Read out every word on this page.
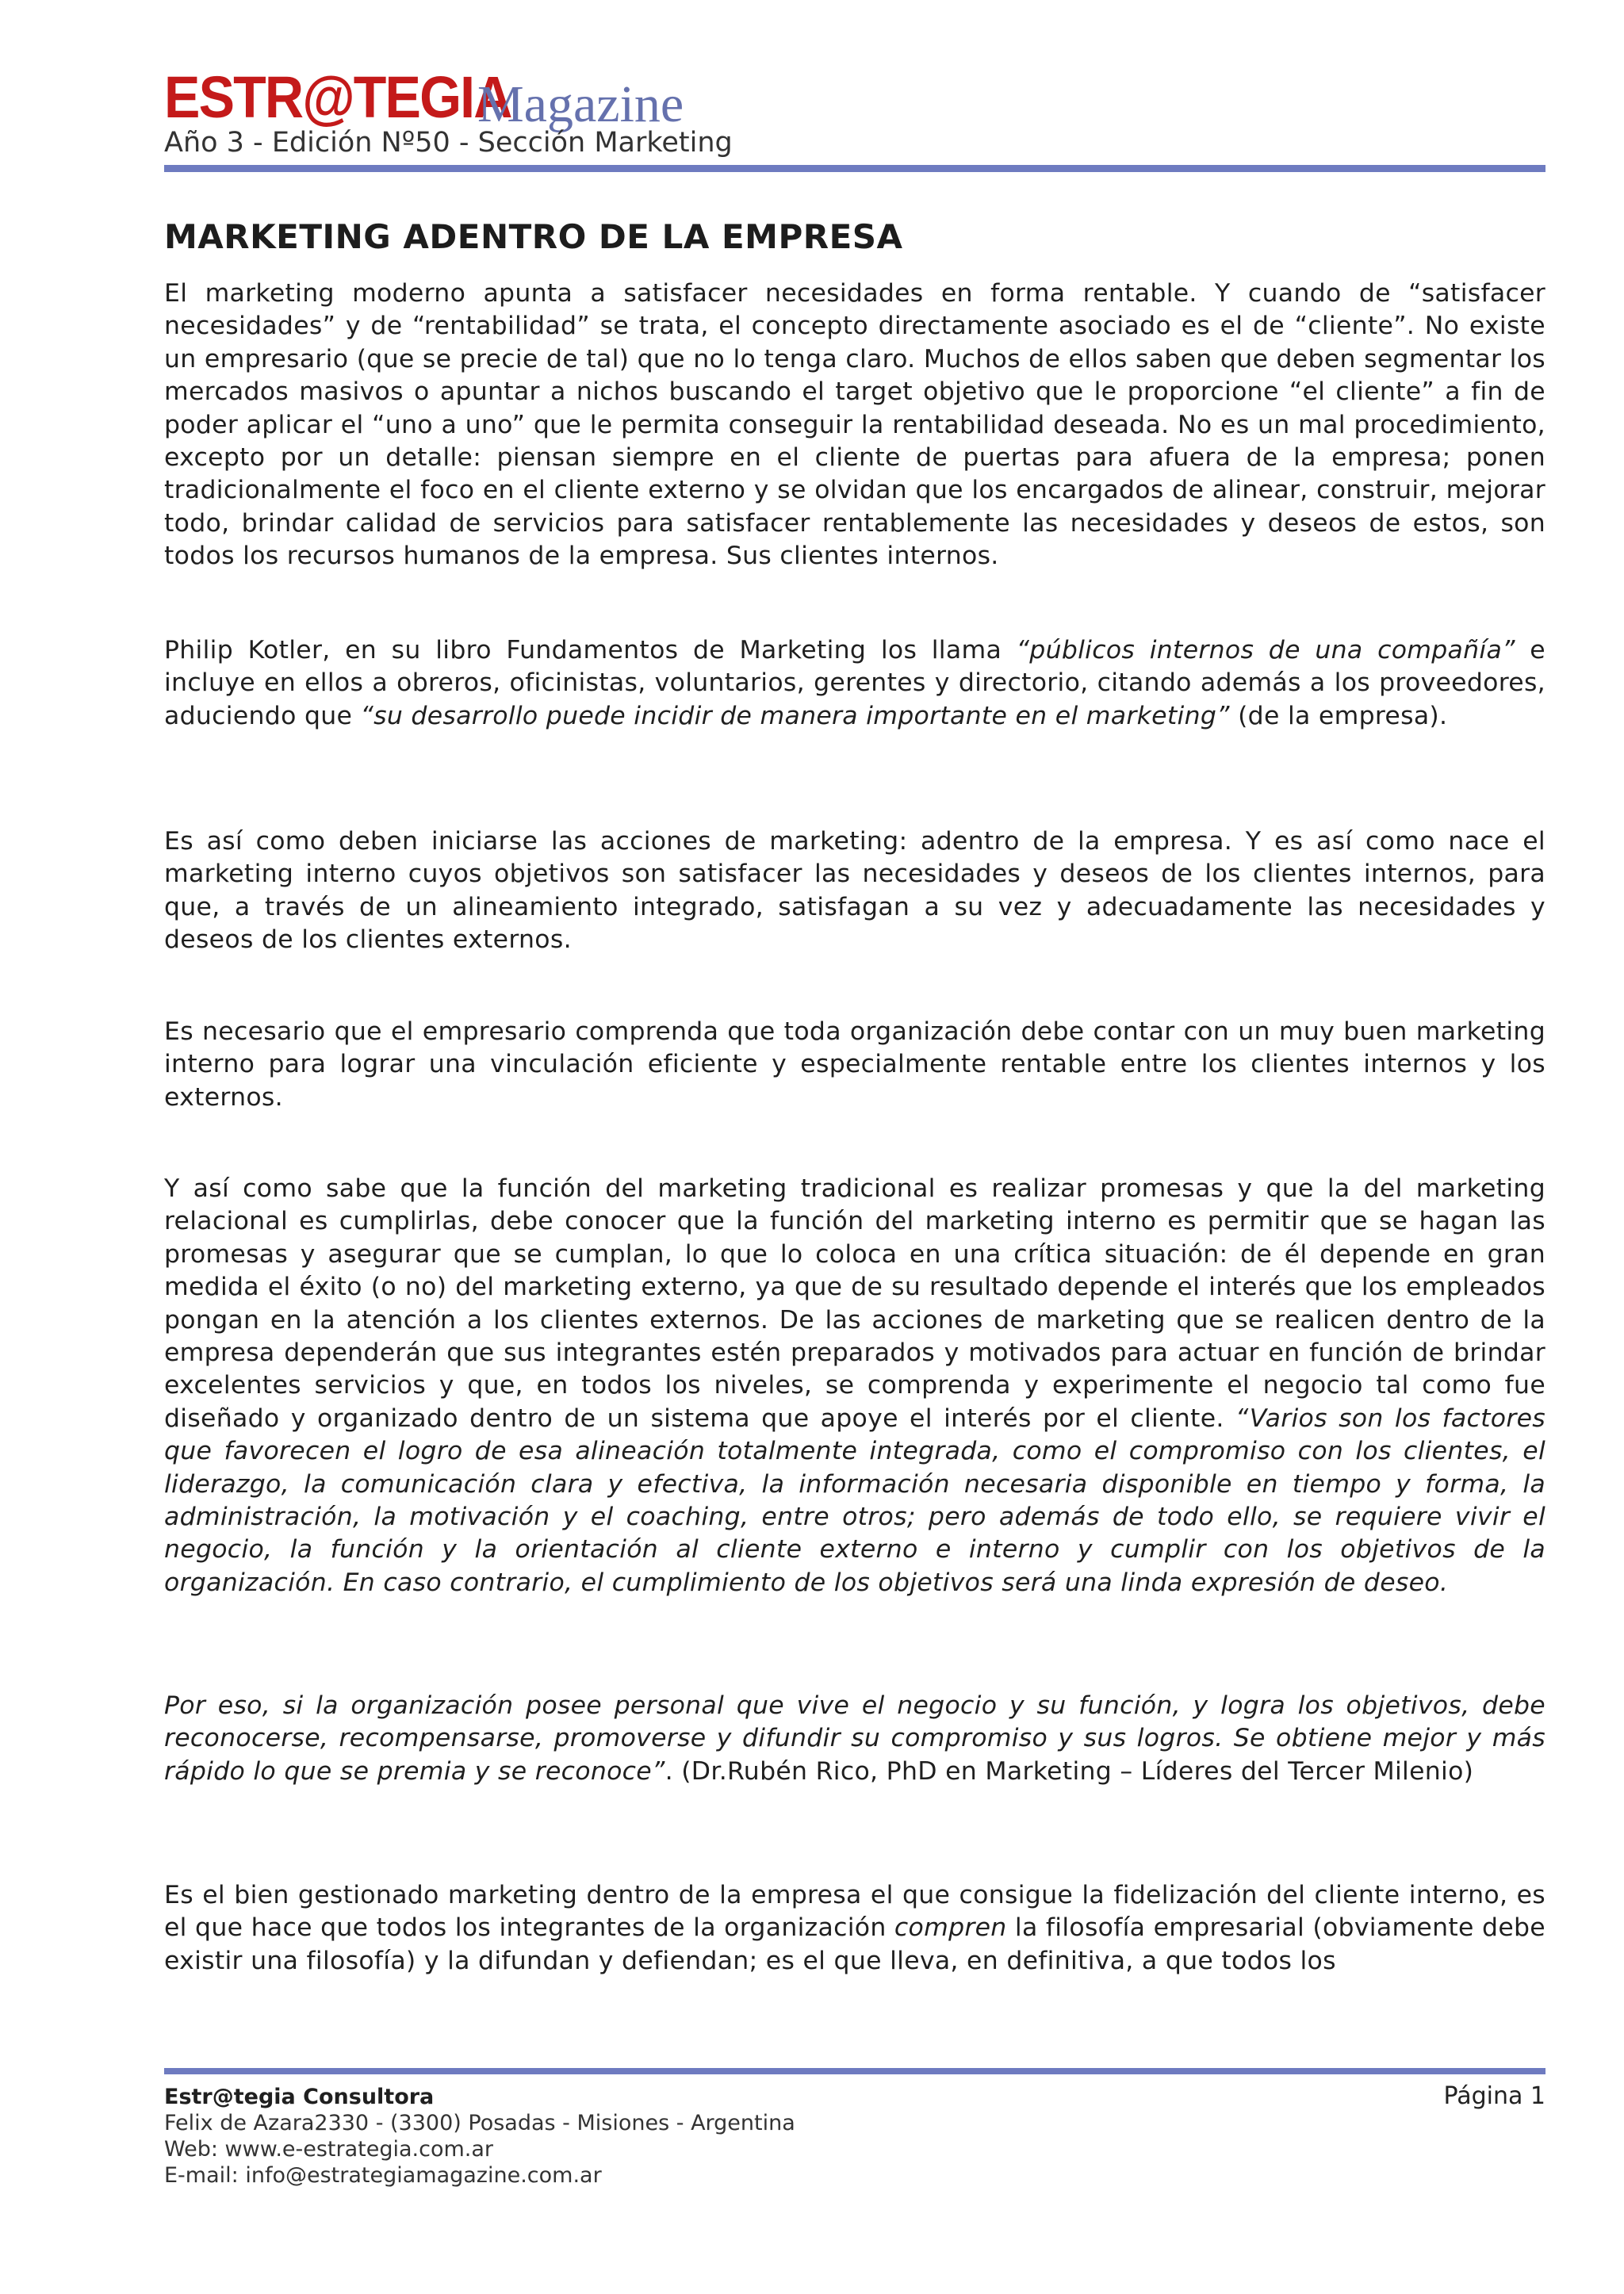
ESTR@TEGIA
Magazine
Año 3 - Edición Nº50 - Sección Marketing
MARKETING ADENTRO DE LA EMPRESA

El marketing moderno apunta a satisfacer necesidades en forma rentable. Y cuando de “satisfacer necesidades” y de “rentabilidad” se trata, el concepto directamente asociado es el de “cliente”. No existe un empresario (que se precie de tal) que no lo tenga claro. Muchos de ellos saben que deben segmentar los mercados masivos o apuntar a nichos buscando el target objetivo que le proporcione “el cliente” a fin de poder aplicar el “uno a uno” que le permita conseguir la rentabilidad deseada. No es un mal procedimiento, excepto por un detalle: piensan siempre en el cliente de puertas para afuera de la empresa; ponen tradicionalmente el foco en el cliente externo y se olvidan que los encargados de alinear, construir, mejorar todo, brindar calidad de servicios para satisfacer rentablemente las necesidades y deseos de estos, son todos los recursos humanos de la empresa. Sus clientes internos.

Philip Kotler, en su libro Fundamentos de Marketing los llama “públicos internos de una compañía” e incluye en ellos a obreros, oficinistas, voluntarios, gerentes y directorio, citando además a los proveedores, aduciendo que “su desarrollo puede incidir de manera importante en el marketing” (de la empresa).

Es así como deben iniciarse las acciones de marketing: adentro de la empresa. Y es así como nace el marketing interno cuyos objetivos son satisfacer las necesidades y deseos de los clientes internos, para que, a través de un alineamiento integrado, satisfagan a su vez y adecuadamente las necesidades y deseos de los clientes externos.

Es necesario que el empresario comprenda que toda organización debe contar con un muy buen marketing interno para lograr una vinculación eficiente y especialmente rentable entre los clientes internos y los externos.

Y así como sabe que la función del marketing tradicional es realizar promesas y que la del marketing relacional es cumplirlas, debe conocer que la función del marketing interno es permitir que se hagan las promesas y asegurar que se cumplan, lo que lo coloca en una crítica situación: de él depende en gran medida el éxito (o no) del marketing externo, ya que de su resultado depende el interés que los empleados pongan en la atención a los clientes externos. De las acciones de marketing que se realicen dentro de la empresa dependerán que sus integrantes estén preparados y motivados para actuar en función de brindar excelentes servicios y que, en todos los niveles, se comprenda y experimente el negocio tal como fue diseñado y organizado dentro de un sistema que apoye el interés por el cliente. “Varios son los factores que favorecen el logro de esa alineación totalmente integrada, como el compromiso con los clientes, el liderazgo, la comunicación clara y efectiva, la información necesaria disponible en tiempo y forma, la administración, la motivación y el coaching, entre otros; pero además de todo ello, se requiere vivir el negocio, la función y la orientación al cliente externo e interno y cumplir con los objetivos de la organización. En caso contrario, el cumplimiento de los objetivos será una linda expresión de deseo.

Por eso, si la organización posee personal que vive el negocio y su función, y logra los objetivos, debe reconocerse, recompensarse, promoverse y difundir su compromiso y sus logros. Se obtiene mejor y más rápido lo que se premia y se reconoce”. (Dr.Rubén Rico, PhD en Marketing – Líderes del Tercer Milenio)

Es el bien gestionado marketing dentro de la empresa el que consigue la fidelización del cliente interno, es el que hace que todos los integrantes de la organización compren la filosofía empresarial (obviamente debe existir una filosofía) y la difundan y defiendan; es el que lleva, en definitiva, a que todos los

Estr@tegia Consultora
Felix de Azara2330 - (3300) Posadas - Misiones - Argentina
Web: www.e-estrategia.com.ar
E-mail: info@estrategiamagazine.com.ar
Página 1
